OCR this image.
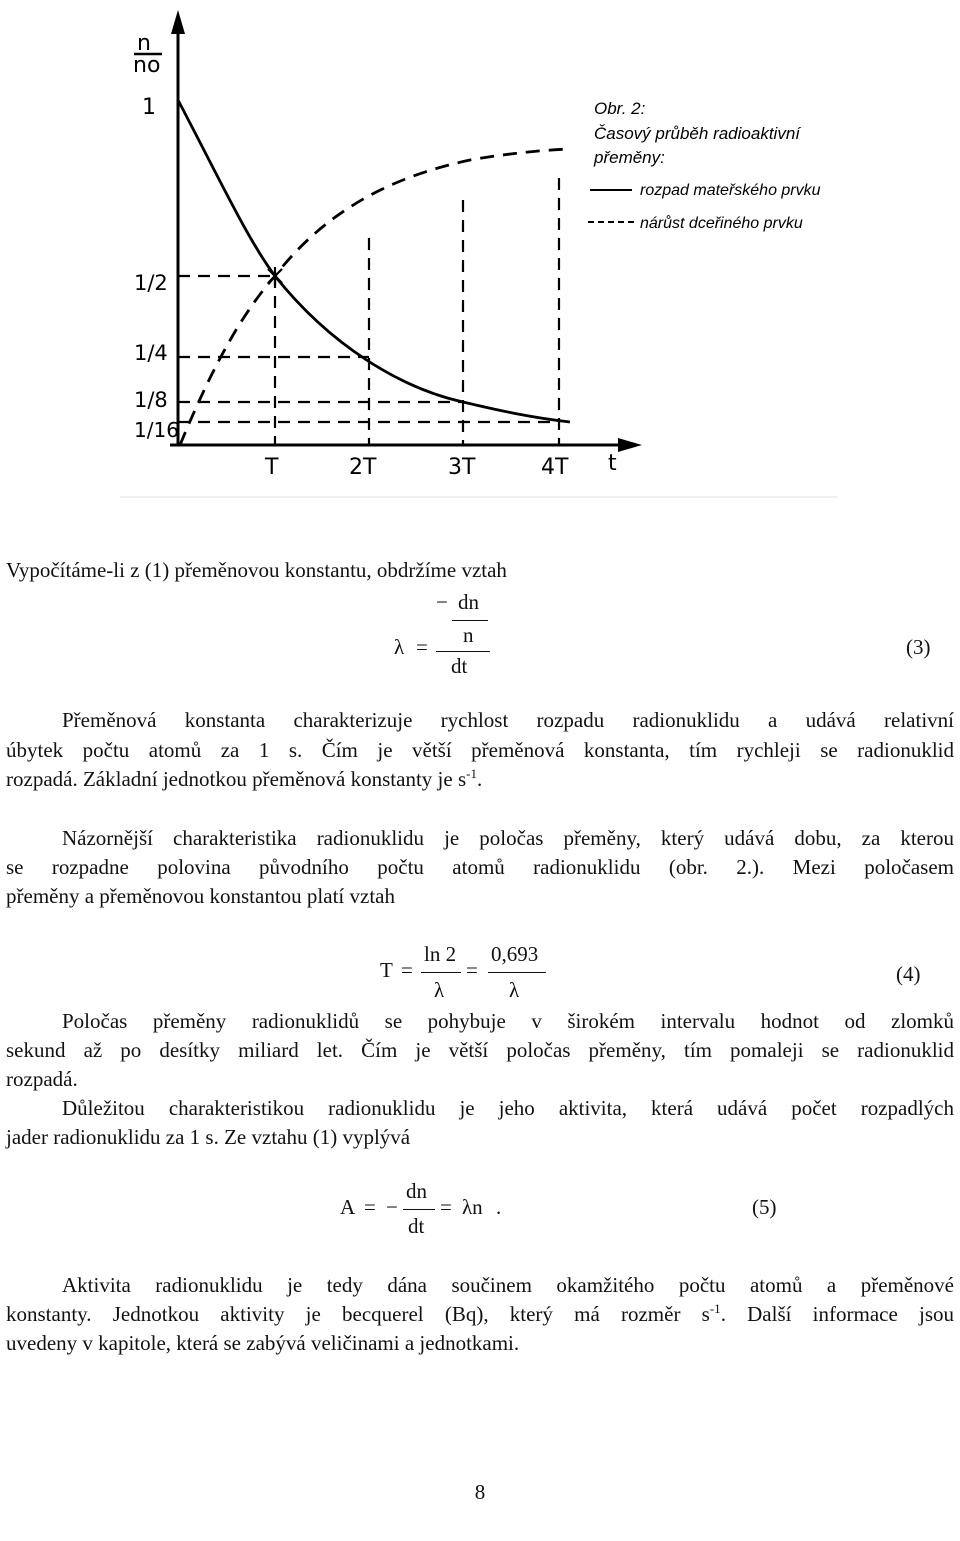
n
no
1
1/2
1/4
1/8
1/16
T	2T	3T	4T t
Obr. 2:
Časový průběh radioaktivní
přeměny:
rozpad mateřského prvku
nárůst dceřiného prvku
Vypočítáme-li z (1) přeměnovou konstantu, obdržíme vztah
− dn
n
λ =
dt
(3)
Přeměnová konstanta charakterizuje rychlost rozpadu radionuklidu a udává relativní
úbytek počtu atomů za 1 s. Čím je větší přeměnová konstanta, tím rychleji se radionuklid
rozpadá. Základní jednotkou přeměnová konstanty je $s^{-1}$.
Názornější charakteristika radionuklidu je poločas přeměny, který udává dobu, za kterou
se rozpadne polovina původního počtu atomů radionuklidu (obr. 2.). Mezi poločasem
přeměny a přeměnovou konstantou platí vztah
T =
ln 2
λ
=
0,693
λ
(4)
Poločas přeměny radionuklidů se pohybuje v širokém intervalu hodnot od zlomků
sekund až po desítky miliard let. Čím je větší poločas přeměny, tím pomaleji se radionuklid
rozpadá.
Důležitou charakteristikou radionuklidu je jeho aktivita, která udává počet rozpadlých
jader radionuklidu za 1 s. Ze vztahu (1) vyplývá
A = −
dn
dt
= λn .	(5)
Aktivita radionuklidu je tedy dána součinem okamžitého počtu atomů a přeměnové
konstanty. Jednotkou aktivity je becquerel (Bq), který má rozměr $s^{-1}$. Další informace jsou
uvedeny v kapitole, která se zabývá veličinami a jednotkami.
8
